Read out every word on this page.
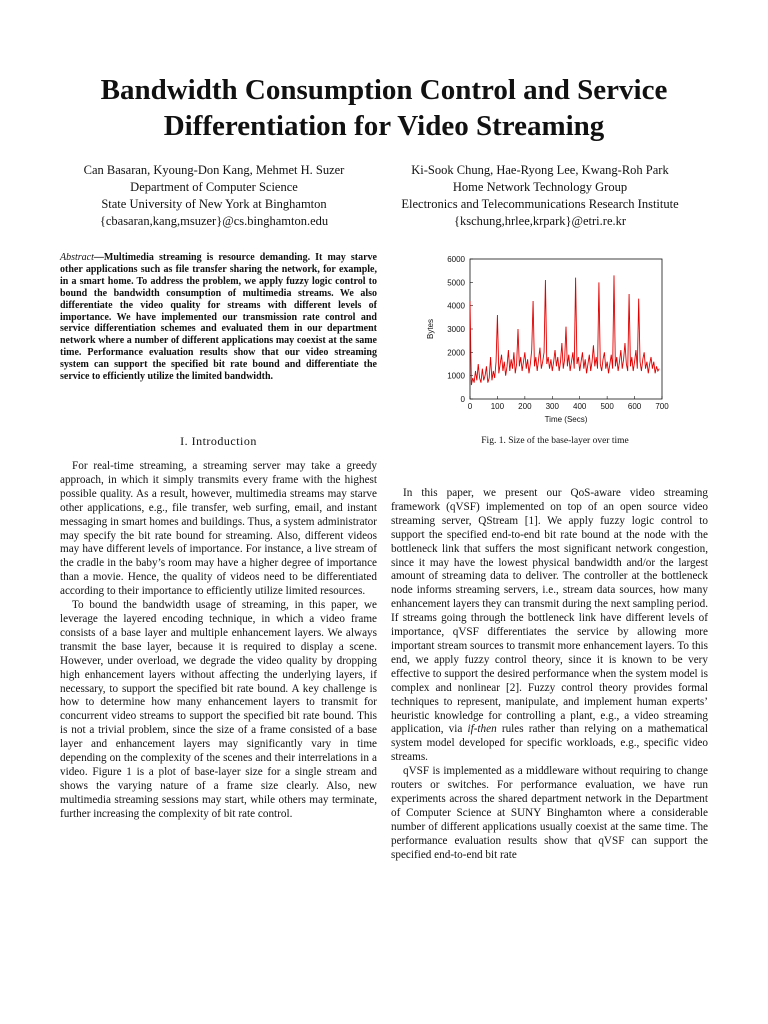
Bandwidth Consumption Control and Service
Differentiation for Video Streaming
Can Basaran, Kyoung-Don Kang, Mehmet H. Suzer
Department of Computer Science
State University of New York at Binghamton
{cbasaran,kang,msuzer}@cs.binghamton.edu
Ki-Sook Chung, Hae-Ryong Lee, Kwang-Roh Park
Home Network Technology Group
Electronics and Telecommunications Research Institute
{kschung,hrlee,krpark}@etri.re.kr

Abstract—Multimedia streaming is resource demanding. It may starve other applications such as file transfer sharing the network, for example, in a smart home. To address the problem, we apply fuzzy logic control to bound the bandwidth consumption of multimedia streams. We also differentiate the video quality for streams with different levels of importance. We have implemented our transmission rate control and service differentiation schemes and evaluated them in our department network where a number of different applications may coexist at the same time. Performance evaluation results show that our video streaming system can support the specified bit rate bound and differentiate the service to efficiently utilize the limited bandwidth.

I. Introduction

For real-time streaming, a streaming server may take a greedy approach, in which it simply transmits every frame with the highest possible quality. As a result, however, multimedia streams may starve other applications, e.g., file transfer, web surfing, email, and instant messaging in smart homes and buildings. Thus, a system administrator may specify the bit rate bound for streaming. Also, different videos may have different levels of importance. For instance, a live stream of the cradle in the baby’s room may have a higher degree of importance than a movie. Hence, the quality of videos need to be differentiated according to their importance to efficiently utilize limited resources.

To bound the bandwidth usage of streaming, in this paper, we leverage the layered encoding technique, in which a video frame consists of a base layer and multiple enhancement layers. We always transmit the base layer, because it is required to display a scene. However, under overload, we degrade the video quality by dropping high enhancement layers without affecting the underlying layers, if necessary, to support the specified bit rate bound. A key challenge is how to determine how many enhancement layers to transmit for concurrent video streams to support the specified bit rate bound. This is not a trivial problem, since the size of a frame consisted of a base layer and enhancement layers may significantly vary in time depending on the complexity of the scenes and their interrelations in a video. Figure 1 is a plot of base-layer size for a single stream and shows the varying nature of a frame size clearly. Also, new multimedia streaming sessions may start, while others may terminate, further increasing the complexity of bit rate control.

0 100 200 300 400 500 600 700
0
1000
2000
3000
4000
5000
6000
Time (Secs)
Bytes
Fig. 1. Size of the base-layer over time

In this paper, we present our QoS-aware video streaming framework (qVSF) implemented on top of an open source video streaming server, QStream [1]. We apply fuzzy logic control to support the specified end-to-end bit rate bound at the node with the bottleneck link that suffers the most significant network congestion, since it may have the lowest physical bandwidth and/or the largest amount of streaming data to deliver. The controller at the bottleneck node informs streaming servers, i.e., stream data sources, how many enhancement layers they can transmit during the next sampling period. If streams going through the bottleneck link have different levels of importance, qVSF differentiates the service by allowing more important stream sources to transmit more enhancement layers. To this end, we apply fuzzy control theory, since it is known to be very effective to support the desired performance when the system model is complex and nonlinear [2]. Fuzzy control theory provides formal techniques to represent, manipulate, and implement human experts’ heuristic knowledge for controlling a plant, e.g., a video streaming application, via if-then rules rather than relying on a mathematical system model developed for specific workloads, e.g., specific video streams.

qVSF is implemented as a middleware without requiring to change routers or switches. For performance evaluation, we have run experiments across the shared department network in the Department of Computer Science at SUNY Binghamton where a considerable number of different applications usually coexist at the same time. The performance evaluation results show that qVSF can support the specified end-to-end bit rate
